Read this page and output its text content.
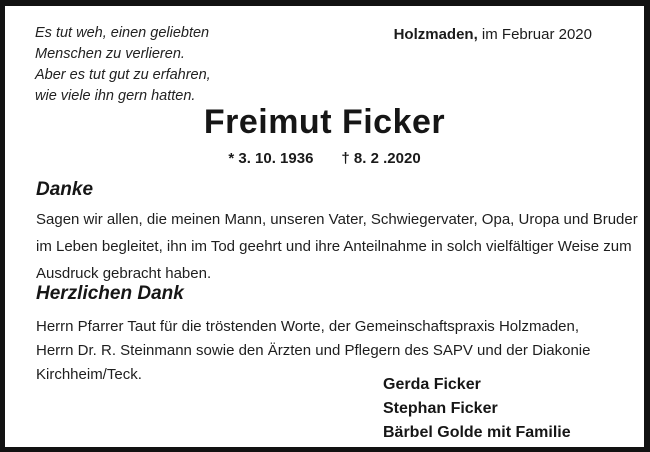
Es tut weh, einen geliebten
Menschen zu verlieren.
Aber es tut gut zu erfahren,
wie viele ihn gern hatten.
Holzmaden, im Februar 2020
Freimut Ficker
* 3. 10. 1936 † 8. 2 .2020
Danke
Sagen wir allen, die meinen Mann, unseren Vater, Schwiegervater, Opa, Uropa und Bruder
im Leben begleitet, ihn im Tod geehrt und ihre Anteilnahme in solch vielfältiger Weise zum
Ausdruck gebracht haben.
Herzlichen Dank
Herrn Pfarrer Taut für die tröstenden Worte, der Gemeinschaftspraxis Holzmaden,
Herrn Dr. R. Steinmann sowie den Ärzten und Pflegern des SAPV und der Diakonie
Kirchheim/Teck.
Gerda Ficker
Stephan Ficker
Bärbel Golde mit Familie
